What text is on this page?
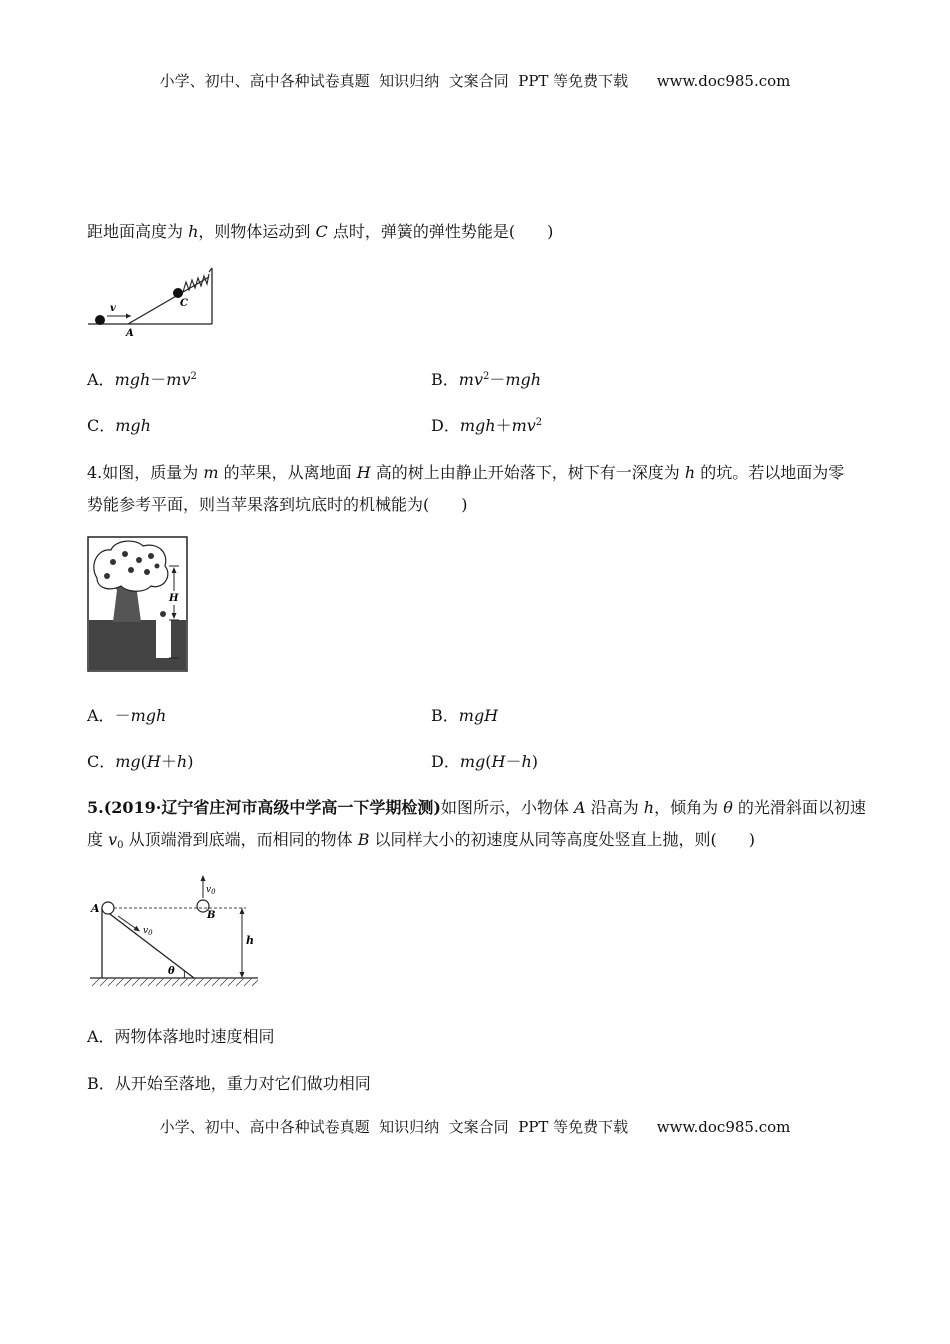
小学、初中、高中各种试卷真题  知识归纳  文案合同  PPT 等免费下载      www.doc985.com
距地面高度为 h，则物体运动到 C 点时，弹簧的弹性势能是(　　)
v
A
C
A．$mgh-mv^2$	B．$mv^2-mgh$
C．mgh	D．$mgh+mv^2$
4.如图，质量为 m 的苹果，从离地面 H 高的树上由静止开始落下，树下有一深度为 h 的坑。若以地面为零
势能参考平面，则当苹果落到坑底时的机械能为(　　)
H
h
A．－mgh	B．mgH
C．mg(H＋h)	D．mg(H－h)
5.(2019·辽宁省庄河市高级中学高一下学期检测)如图所示，小物体 A 沿高为 h，倾角为 θ 的光滑斜面以初速
度 $v_0$ 从顶端滑到底端，而相同的物体 B 以同样大小的初速度从同等高度处竖直上抛，则(　　)
A
B
$v_0$
$v_0$
h
θ
A．两物体落地时速度相同
B．从开始至落地，重力对它们做功相同
小学、初中、高中各种试卷真题  知识归纳  文案合同  PPT 等免费下载      www.doc985.com
